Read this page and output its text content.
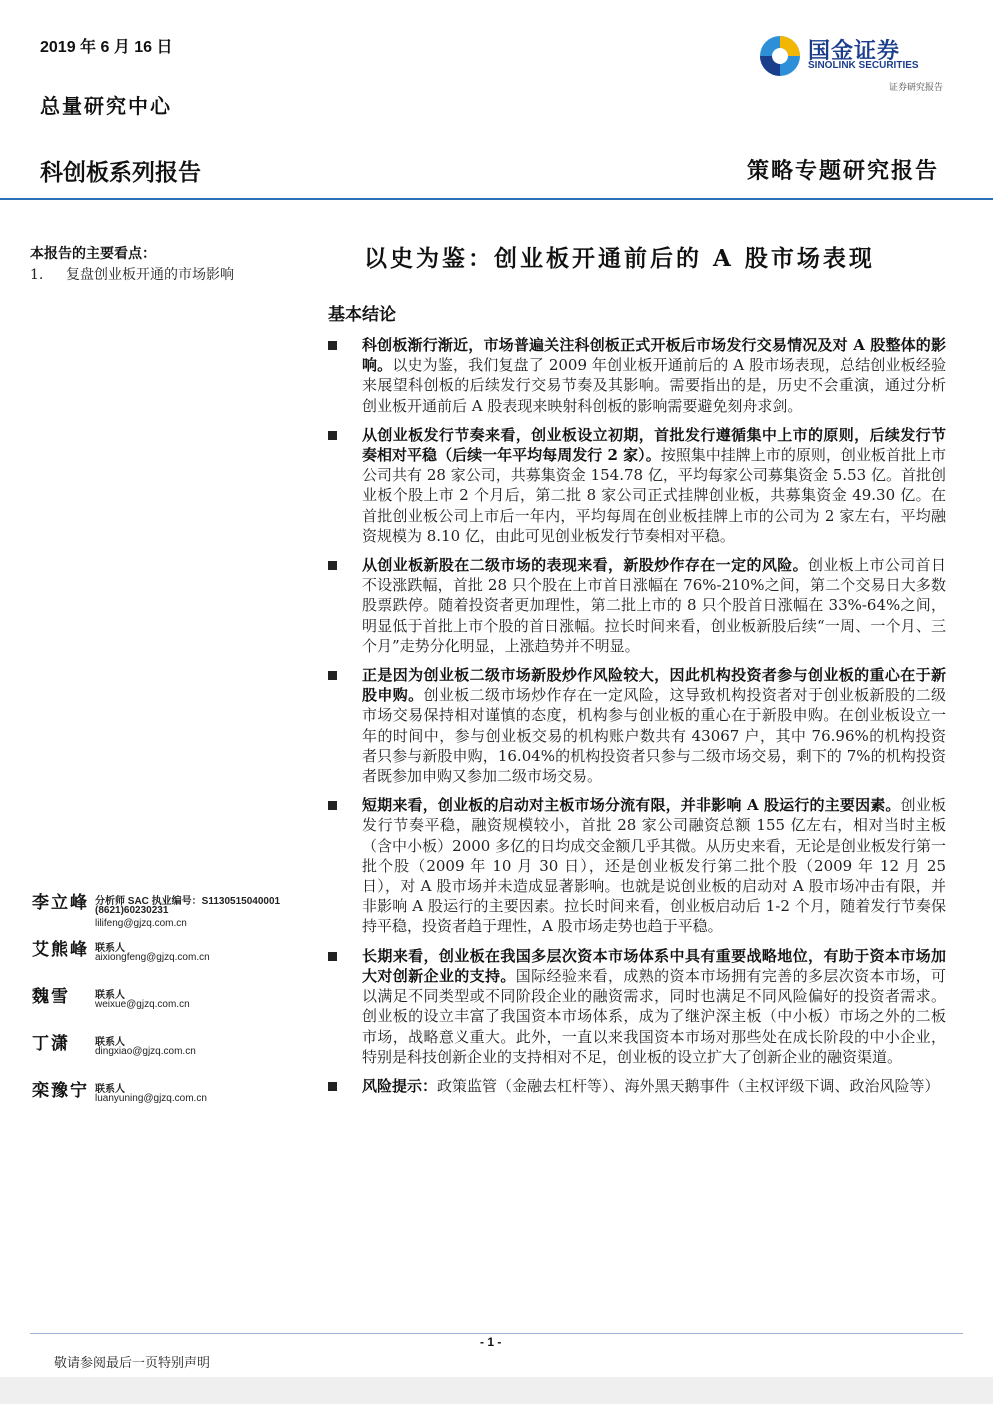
2019 年 6 月 16 日
总量研究中心
科创板系列报告	策略专题研究报告
国金证券
SINOLINK SECURITIES
证券研究报告
本报告的主要看点：
1. 复盘创业板开通的市场影响
以史为鉴：创业板开通前后的 A 股市场表现
基本结论
科创板渐行渐近，市场普遍关注科创板正式开板后市场发行交易情况及对 A 股整体的影响。以史为鉴，我们复盘了 2009 年创业板开通前后的 A 股市场表现，总结创业板经验来展望科创板的后续发行交易节奏及其影响。需要指出的是，历史不会重演，通过分析创业板开通前后 A 股表现来映射科创板的影响需要避免刻舟求剑。
从创业板发行节奏来看，创业板设立初期，首批发行遵循集中上市的原则，后续发行节奏相对平稳（后续一年平均每周发行 2 家）。按照集中挂牌上市的原则，创业板首批上市公司共有 28 家公司，共募集资金 154.78 亿，平均每家公司募集资金 5.53 亿。首批创业板个股上市 2 个月后，第二批 8 家公司正式挂牌创业板，共募集资金 49.30 亿。在首批创业板公司上市后一年内，平均每周在创业板挂牌上市的公司为 2 家左右，平均融资规模为 8.10 亿，由此可见创业板发行节奏相对平稳。
从创业板新股在二级市场的表现来看，新股炒作存在一定的风险。创业板上市公司首日不设涨跌幅，首批 28 只个股在上市首日涨幅在 76%-210%之间，第二个交易日大多数股票跌停。随着投资者更加理性，第二批上市的 8 只个股首日涨幅在 33%-64%之间，明显低于首批上市个股的首日涨幅。拉长时间来看，创业板新股后续“一周、一个月、三个月”走势分化明显，上涨趋势并不明显。
正是因为创业板二级市场新股炒作风险较大，因此机构投资者参与创业板的重心在于新股申购。创业板二级市场炒作存在一定风险，这导致机构投资者对于创业板新股的二级市场交易保持相对谨慎的态度，机构参与创业板的重心在于新股申购。在创业板设立一年的时间中，参与创业板交易的机构账户数共有 43067 户，其中 76.96%的机构投资者只参与新股申购，16.04%的机构投资者只参与二级市场交易，剩下的 7%的机构投资者既参加申购又参加二级市场交易。
短期来看，创业板的启动对主板市场分流有限，并非影响 A 股运行的主要因素。创业板发行节奏平稳，融资规模较小，首批 28 家公司融资总额 155 亿左右，相对当时主板（含中小板）2000 多亿的日均成交金额几乎其微。从历史来看，无论是创业板发行第一批个股（2009 年 10 月 30 日），还是创业板发行第二批个股（2009 年 12 月 25 日），对 A 股市场并未造成显著影响。也就是说创业板的启动对 A 股市场冲击有限，并非影响 A 股运行的主要因素。拉长时间来看，创业板启动后 1-2 个月，随着发行节奏保持平稳，投资者趋于理性，A 股市场走势也趋于平稳。
长期来看，创业板在我国多层次资本市场体系中具有重要战略地位，有助于资本市场加大对创新企业的支持。国际经验来看，成熟的资本市场拥有完善的多层次资本市场，可以满足不同类型或不同阶段企业的融资需求，同时也满足不同风险偏好的投资者需求。创业板的设立丰富了我国资本市场体系，成为了继沪深主板（中小板）市场之外的二板市场，战略意义重大。此外，一直以来我国资本市场对那些处在成长阶段的中小企业，特别是科技创新企业的支持相对不足，创业板的设立扩大了创新企业的融资渠道。
风险提示：政策监管（金融去杠杆等）、海外黑天鹅事件（主权评级下调、政治风险等）
李立峰 分析师 SAC 执业编号：S1130515040001
(8621)60230231
lilifeng@gjzq.com.cn
艾熊峰 联系人
aixiongfeng@gjzq.com.cn
魏雪	联系人
weixue@gjzq.com.cn
丁潇	联系人
dingxiao@gjzq.com.cn
栾豫宁 联系人
luanyuning@gjzq.com.cn
- 1 -
敬请参阅最后一页特别声明
